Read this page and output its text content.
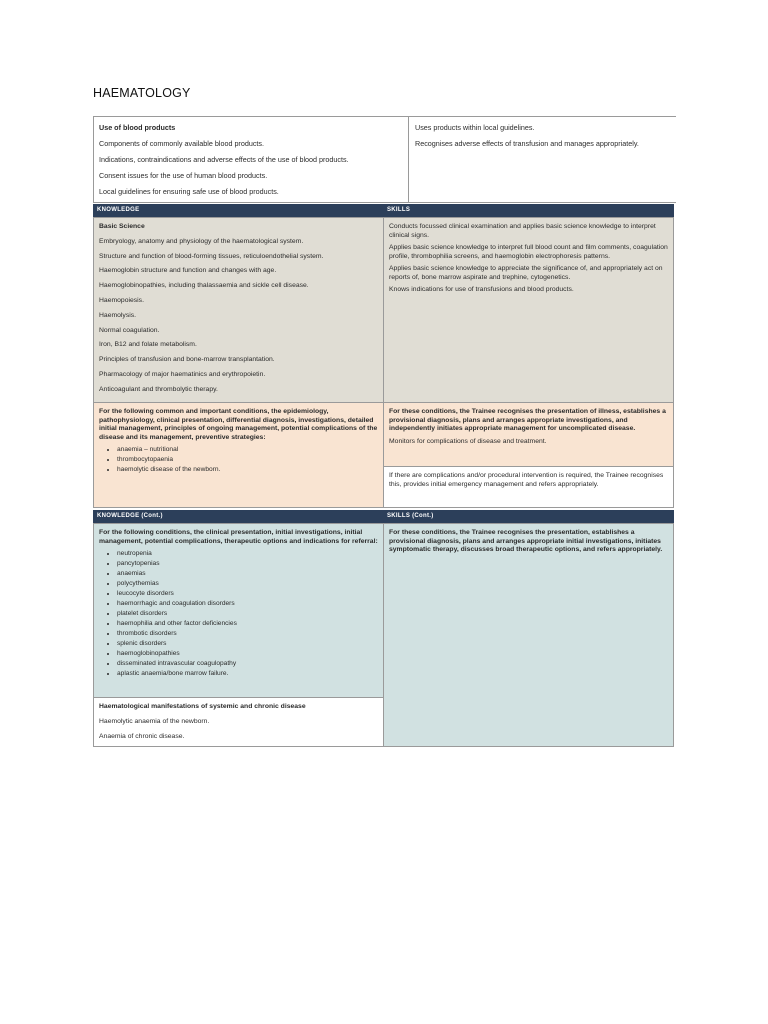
HAEMATOLOGY

Use of blood products

Components of commonly available blood products.

Indications, contraindications and adverse effects of the use of blood products.

Consent issues for the use of human blood products.

Local guidelines for ensuring safe use of blood products.

Uses products within local guidelines.

Recognises adverse effects of transfusion and manages appropriately.

KNOWLEDGE	SKILLS

Basic Science

Embryology, anatomy and physiology of the haematological system.

Structure and function of blood-forming tissues, reticuloendothelial system.

Haemoglobin structure and function and changes with age.

Haemoglobinopathies, including thalassaemia and sickle cell disease.

Haemopoiesis.

Haemolysis.

Normal coagulation.

Iron, B12 and folate metabolism.

Principles of transfusion and bone-marrow transplantation.

Pharmacology of major haematinics and erythropoietin.

Anticoagulant and thrombolytic therapy.

Conducts focussed clinical examination and applies basic science knowledge to interpret clinical signs.

Applies basic science knowledge to interpret full blood count and film comments, coagulation profile, thrombophilia screens, and haemoglobin electrophoresis patterns.

Applies basic science knowledge to appreciate the significance of, and appropriately act on reports of, bone marrow aspirate and trephine, cytogenetics.

Knows indications for use of transfusions and blood products.

For the following common and important conditions, the epidemiology, pathophysiology, clinical presentation, differential diagnosis, investigations, detailed initial management, principles of ongoing management, potential complications of the disease and its management, preventive strategies:

• anaemia – nutritional
• thrombocytopaenia
• haemolytic disease of the newborn.

For these conditions, the Trainee recognises the presentation of illness, establishes a provisional diagnosis, plans and arranges appropriate investigations, and independently initiates appropriate management for uncomplicated disease.

Monitors for complications of disease and treatment.

If there are complications and/or procedural intervention is required, the Trainee recognises this, provides initial emergency management and refers appropriately.

KNOWLEDGE (Cont.)	SKILLS (Cont.)

For the following conditions, the clinical presentation, initial investigations, initial management, potential complications, therapeutic options and indications for referral:

• neutropenia
• pancytopenias
• anaemias
• polycythemias
• leucocyte disorders
• haemorrhagic and coagulation disorders
• platelet disorders
• haemophilia and other factor deficiencies
• thrombotic disorders
• splenic disorders
• haemoglobinopathies
• disseminated intravascular coagulopathy
• aplastic anaemia/bone marrow failure.

For these conditions, the Trainee recognises the presentation, establishes a provisional diagnosis, plans and arranges appropriate initial investigations, initiates symptomatic therapy, discusses broad therapeutic options, and refers appropriately.

Haematological manifestations of systemic and chronic disease

Haemolytic anaemia of the newborn.

Anaemia of chronic disease.
